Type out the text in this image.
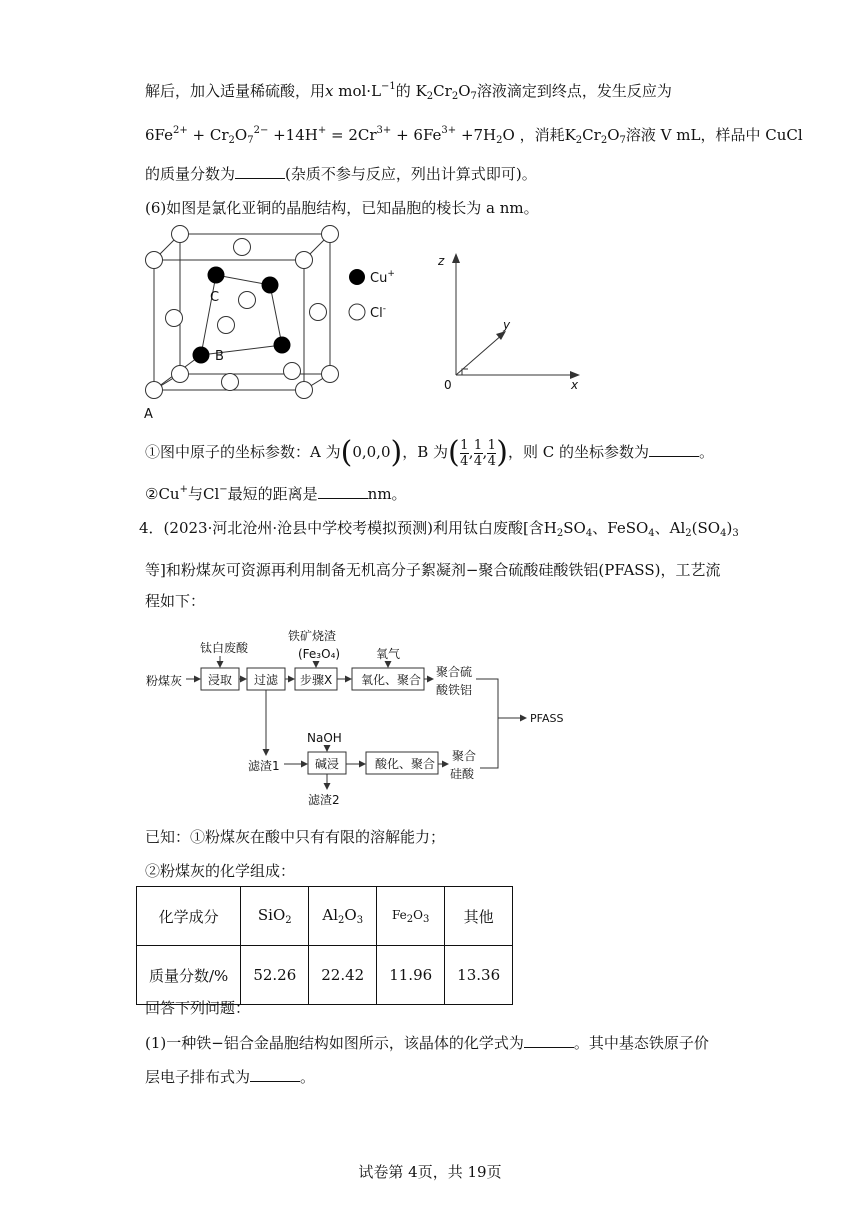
解后，加入适量稀硫酸，用x $mol\cdot L^{-1}$的 $K_2Cr_2O_7$溶液滴定到终点，发生反应为
$6Fe^{2+} + Cr_2O_7^{2-} +14H^+ = 2Cr^{3+} + 6Fe^{3+} +7H_2O$ ，消耗$K_2Cr_2O_7$溶液 V mL，样品中 CuCl
的质量分数为	(杂质不参与反应，列出计算式即可)。
(6)如图是氯化亚铜的晶胞结构，已知晶胞的棱长为 a nm。
C
B
A
Cu+
Cl-
z
y
x
0
①图中原子的坐标参数：A 为(0,0,0)，B 为( $\frac{1}{4}$ , $\frac{1}{4}$ , $\frac{1}{4}$ )，则 C 的坐标参数为	。
②Cu+与Cl−最短的距离是	nm。
4．(2023·河北沧州·沧县中学校考模拟预测)利用钛白废酸[含$H_2SO_4$、FeSO$_4$、$Al_2(SO_4)_3$
等]和粉煤灰可资源再利用制备无机高分子絮凝剂−聚合硫酸硅酸铁铝(PFASS)，工艺流
程如下：
粉煤灰
钛白废酸
铁矿烧渣
(Fe₃O₄)	氧气
聚合硫
酸铁铝
PFASS
滤渣1
NaOH
滤渣2
聚合
硅酸
浸取 过滤 步骤X 氧化、聚合
碱浸	酸化、聚合
已知：①粉煤灰在酸中只有有限的溶解能力；
②粉煤灰的化学组成：
化学成分	SiO$_2$	$Al_2O_3$	$Fe_2O_3$	其他
质量分数/%	52.26	22.42	11.96	13.36
回答下列问题：
(1)一种铁−铝合金晶胞结构如图所示，该晶体的化学式为	。其中基态铁原子价
层电子排布式为	。
试卷第 4页，共 19页
